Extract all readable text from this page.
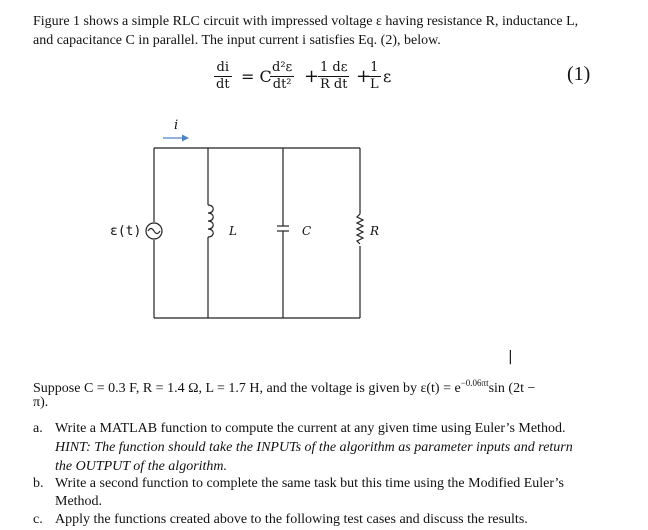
Figure 1 shows a simple RLC circuit with impressed voltage ε having resistance R, inductance L,
and capacitance C in parallel. The input current i satisfies Eq. (2), below.
$\frac{di}{dt} = C$
$\frac{\text{d²ε}}{\text{dt²}}$ +
$\frac{1 d\varepsilon}{\text{R dt}}$ +
$\frac{1}{L}$ ε	(1)
i
ε(t)	L	C	R
|
Suppose C = 0.3 F, R = 1.4 Ω, L = 1.7 H, and the voltage is given by $\varepsilon(t) = e^{-0.06\pi t}\sin$ (2t −
π).
a. Write a MATLAB function to compute the current at any given time using Euler’s Method.
HINT: The function should take the INPUTs of the algorithm as parameter inputs and return
the OUTPUT of the algorithm.
b. Write a second function to complete the same task but this time using the Modified Euler’s
Method.
c. Apply the functions created above to the following test cases and discuss the results.
